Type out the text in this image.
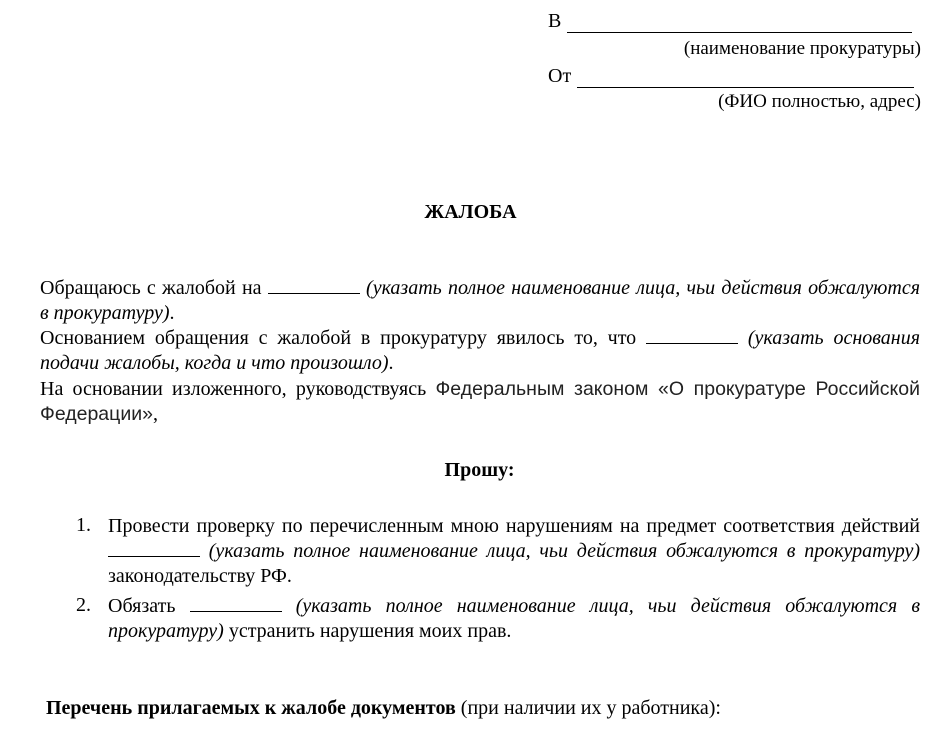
В
(наименование прокуратуры)
От
(ФИО полностью, адрес)
ЖАЛОБА
Обращаюсь с жалобой на	(указать полное наименование лица, чьи действия обжалуются в прокуратуру).
Основанием обращения с жалобой в прокуратуру явилось то, что	(указать основания подачи жалобы, когда и что произошло).
На основании изложенного, руководствуясь Федеральным законом «О прокуратуре Российской Федерации»,
Прошу:
1. Провести проверку по перечисленным мною нарушениям на предмет соответствия действий  (указать полное наименование лица, чьи действия обжалуются в прокуратуру) законодательству РФ.
2. Обязать	(указать полное наименование лица, чьи действия обжалуются в прокуратуру) устранить нарушения моих прав.
Перечень прилагаемых к жалобе документов (при наличии их у работника):
